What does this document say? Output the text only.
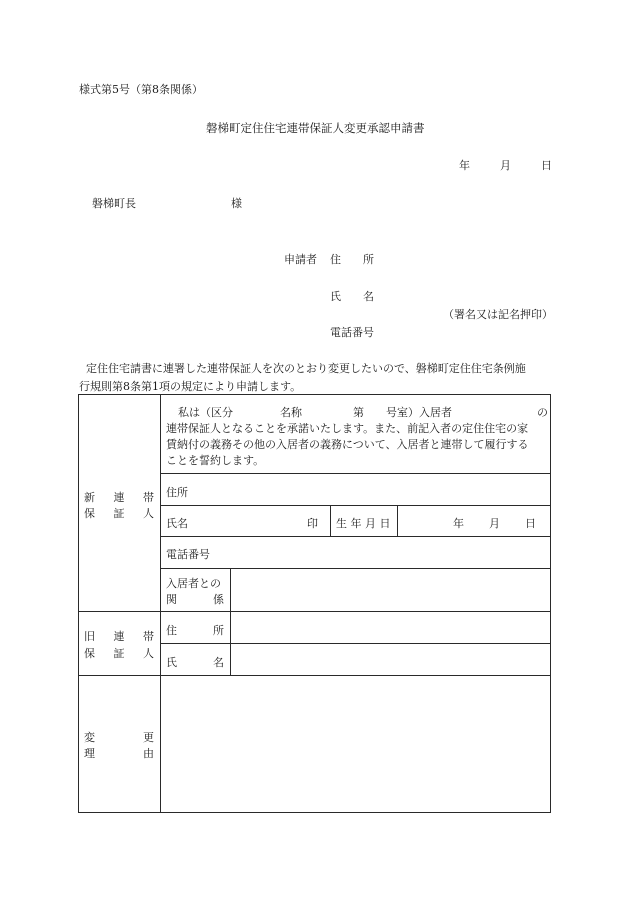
様式第5号（第8条関係）
磐梯町定住住宅連帯保証人変更承認申請書
年	月	日
磐梯町長	様
申請者 住　　所
氏　　名
（署名又は記名押印）
電話番号
定住住宅請書に連署した連帯保証人を次のとおり変更したいので、磐梯町定住住宅条例施
行規則第8条第1項の規定により申請します。
新 連 帯
保 証 人
私は（区分	名称	第 号室）入居者	の
連帯保証人となることを承諾いたします。また、前記入者の定住住宅の家
賃納付の義務その他の入居者の義務について、入居者と連帯して履行する
ことを誓約します。
住所
氏名	印 生 年 月 日	年 月 日
電話番号
入居者との
関	係
旧 連 帯
保 証 人
住	所
氏	名
変	更
理	由
